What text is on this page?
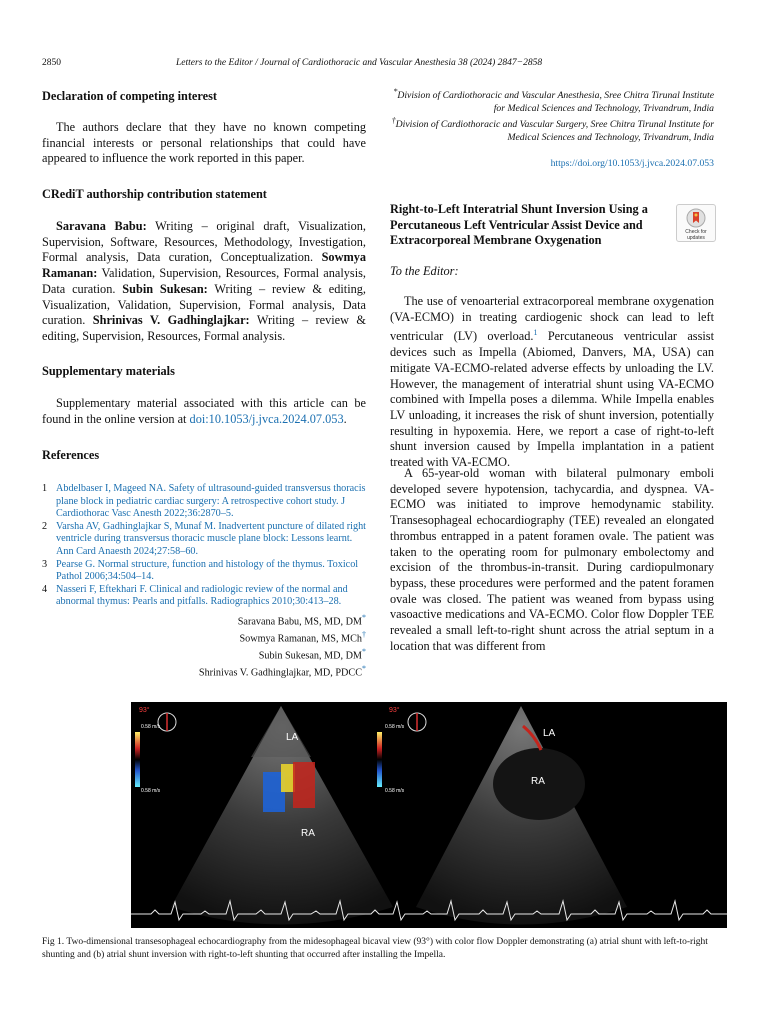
2850	Letters to the Editor / Journal of Cardiothoracic and Vascular Anesthesia 38 (2024) 2847−2858
Declaration of competing interest

The authors declare that they have no known competing financial interests or personal relationships that could have appeared to influence the work reported in this paper.

CRediT authorship contribution statement

Saravana Babu: Writing – original draft, Visualization, Supervision, Software, Resources, Methodology, Investigation, Formal analysis, Data curation, Conceptualization. Sowmya Ramanan: Validation, Supervision, Resources, Formal analysis, Data curation. Subin Sukesan: Writing – review & editing, Visualization, Validation, Supervision, Formal analysis, Data curation. Shrinivas V. Gadhinglajkar: Writing – review & editing, Supervision, Resources, Formal analysis.

Supplementary materials

Supplementary material associated with this article can be found in the online version at doi:10.1053/j.jvca.2024.07.053.

References
1 Abdelbaser I, Mageed NA. Safety of ultrasound-guided transversus thoracis plane block in pediatric cardiac surgery: A retrospective cohort study. J Cardiothorac Vasc Anesth 2022;36:2870–5.
2 Varsha AV, Gadhinglajkar S, Munaf M. Inadvertent puncture of dilated right ventricle during transversus thoracic muscle plane block: Lessons learnt. Ann Card Anaesth 2024;27:58–60.
3 Pearse G. Normal structure, function and histology of the thymus. Toxicol Pathol 2006;34:504–14.
4 Nasseri F, Eftekhari F. Clinical and radiologic review of the normal and abnormal thymus: Pearls and pitfalls. Radiographics 2010;30:413–28.
Saravana Babu, MS, MD, DM*
Sowmya Ramanan, MS, MCh†
Subin Sukesan, MD, DM*
Shrinivas V. Gadhinglajkar, MD, PDCC*
*Division of Cardiothoracic and Vascular Anesthesia, Sree Chitra Tirunal Institute for Medical Sciences and Technology, Trivandrum, India
†Division of Cardiothoracic and Vascular Surgery, Sree Chitra Tirunal Institute for Medical Sciences and Technology, Trivandrum, India
https://doi.org/10.1053/j.jvca.2024.07.053
Right-to-Left Interatrial Shunt Inversion Using a Percutaneous Left Ventricular Assist Device and Extracorporeal Membrane Oxygenation
Check for updates
To the Editor:

The use of venoarterial extracorporeal membrane oxygenation (VA-ECMO) in treating cardiogenic shock can lead to left ventricular (LV) overload.$^1$ Percutaneous ventricular assist devices such as Impella (Abiomed, Danvers, MA, USA) can mitigate VA-ECMO-related adverse effects by unloading the LV. However, the management of interatrial shunt using VA-ECMO combined with Impella poses a dilemma. While Impella enables LV unloading, it increases the risk of shunt inversion, potentially resulting in hypoxemia. Here, we report a case of right-to-left shunt inversion caused by Impella implantation in a patient treated with VA-ECMO.

A 65-year-old woman with bilateral pulmonary emboli developed severe hypotension, tachycardia, and dyspnea. VA-ECMO was initiated to improve hemodynamic stability. Transesophageal echocardiography (TEE) revealed an elongated thrombus entrapped in a patent foramen ovale. The patient was taken to the operating room for pulmonary embolectomy and excision of the thrombus-in-transit. During cardiopulmonary bypass, these procedures were performed and the patent foramen ovale was closed. The patient was weaned from bypass using vasoactive medications and VA-ECMO. Color flow Doppler TEE revealed a small left-to-right shunt across the atrial septum in a location that was different from

93°
0.58 m/s
0.58 m/s
LA
RA
93°
0.58 m/s
0.58 m/s
LA
RA
Fig 1. Two-dimensional transesophageal echocardiography from the midesophageal bicaval view (93°) with color flow Doppler demonstrating (a) atrial shunt with left-to-right shunting and (b) atrial shunt inversion with right-to-left shunting that occurred after installing the Impella.
